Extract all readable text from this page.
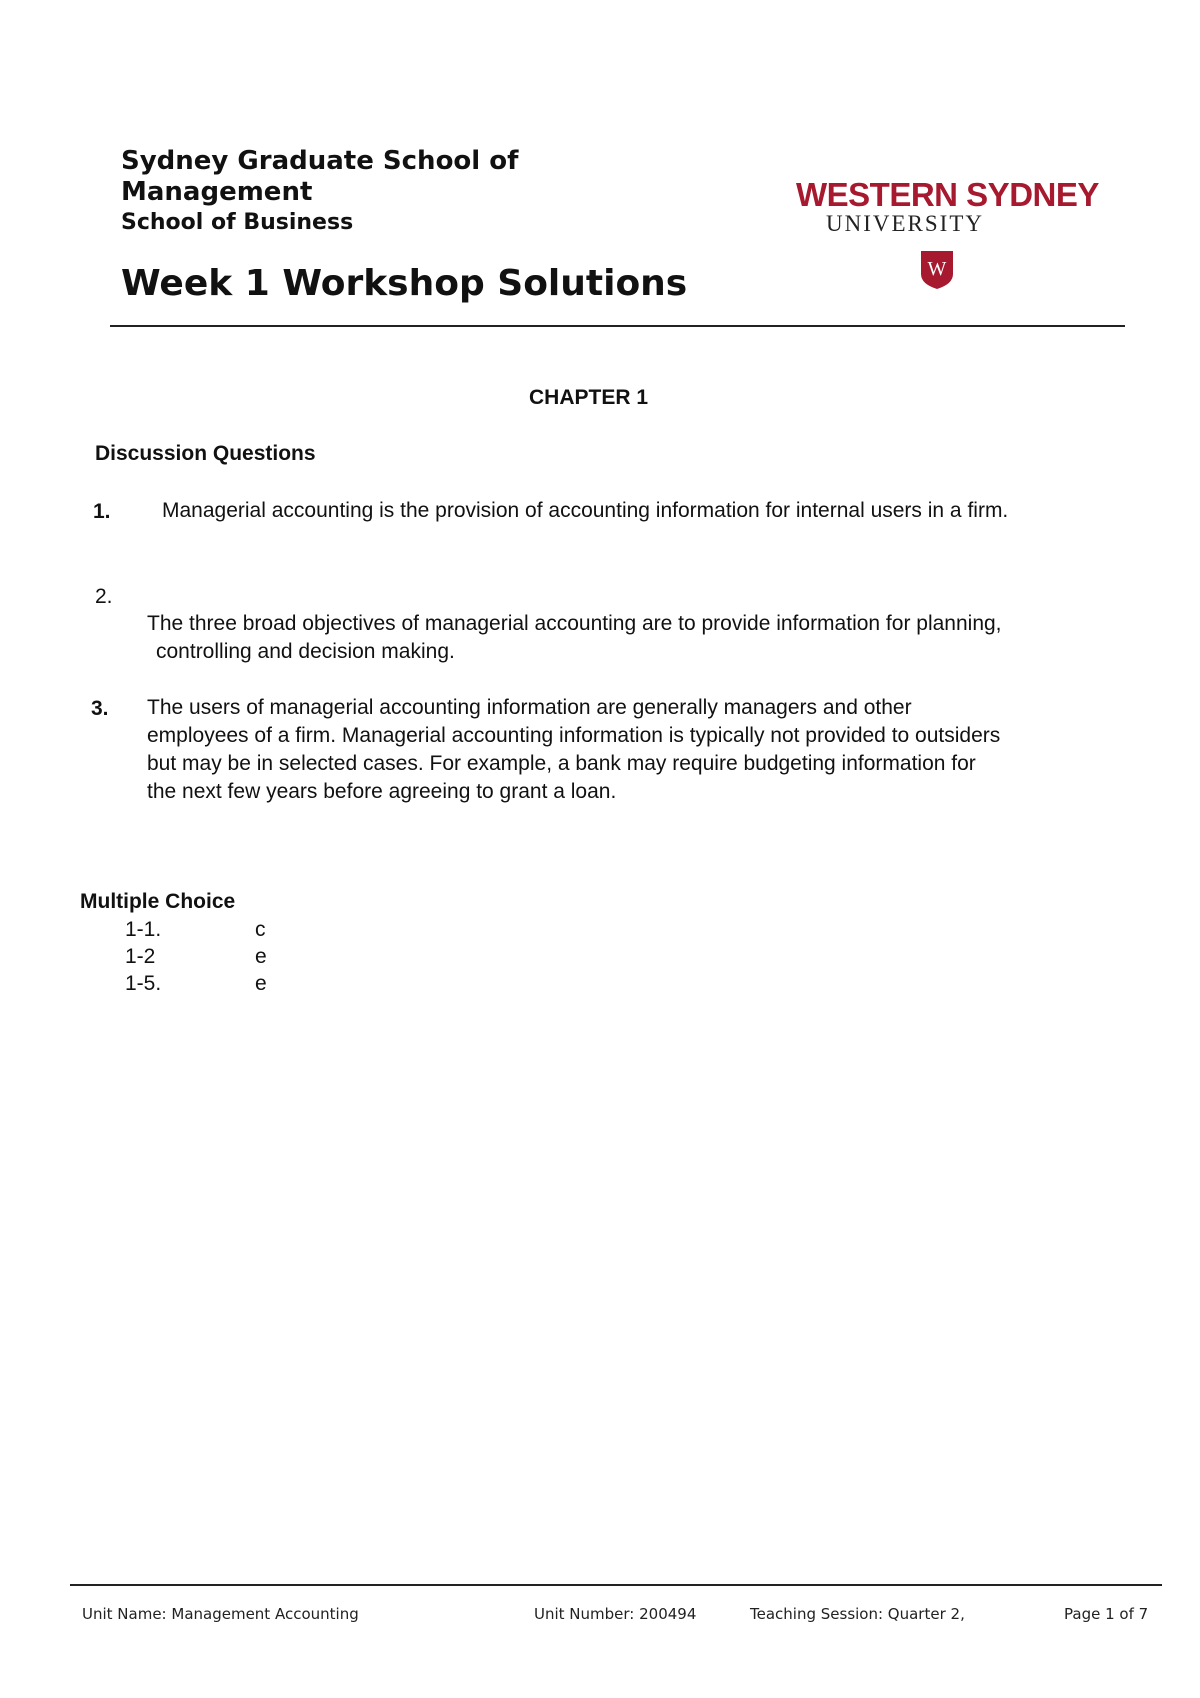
Sydney Graduate School of
Management
School of Business
Week 1 Workshop Solutions
WESTERN SYDNEY
UNIVERSITY
W
CHAPTER 1
Discussion Questions
1. Managerial accounting is the provision of accounting information for internal users in a firm.
2.
The three broad objectives of managerial accounting are to provide information for planning,
controlling and decision making.
3. The users of managerial accounting information are generally managers and other
employees of a firm. Managerial accounting information is typically not provided to outsiders
but may be in selected cases. For example, a bank may require budgeting information for
the next few years before agreeing to grant a loan.
Multiple Choice
1-1.	c
1-2	e
1-5.	e
Unit Name: Management Accounting	Unit Number: 200494	Teaching Session: Quarter 2,	Page 1 of 7
